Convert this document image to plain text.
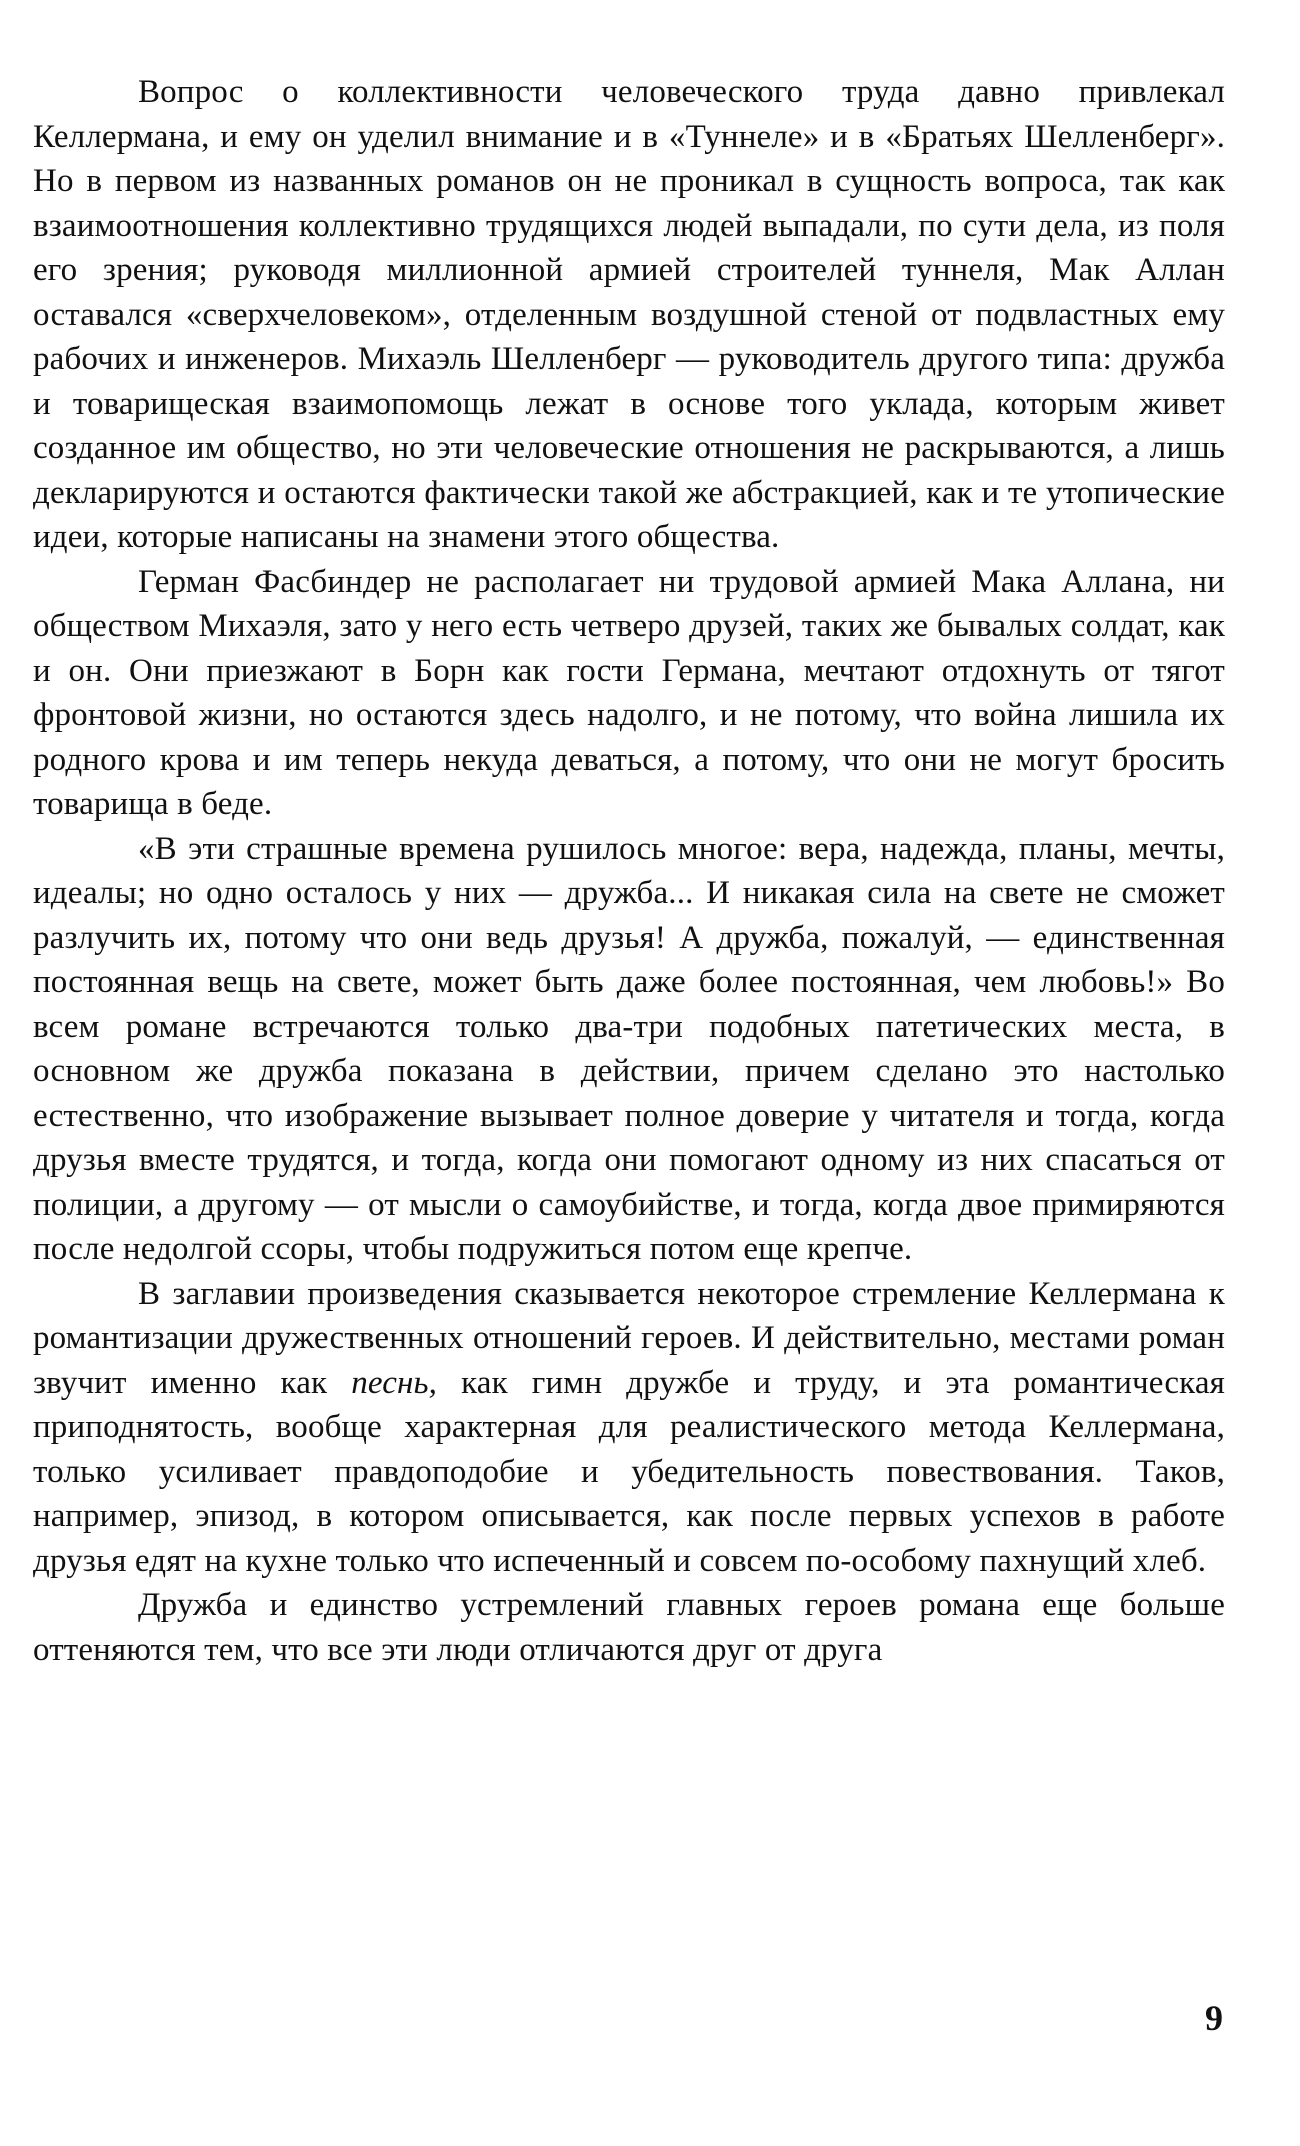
Вопрос о коллективности человеческого труда давно привлекал Келлермана, и ему он уделил внимание и в «Туннеле» и в «Братьях Шелленберг». Но в первом из названных романов он не проникал в сущность вопроса, так как взаимоотношения коллективно трудящихся людей выпадали, по сути дела, из поля его зрения; руководя миллионной армией строителей туннеля, Мак Аллан оставался «сверхчеловеком», отделенным воздушной стеной от подвластных ему рабочих и инженеров. Михаэль Шелленберг — руководитель другого типа: дружба и товарищеская взаимопомощь лежат в основе того уклада, которым живет созданное им общество, но эти человеческие отношения не раскрываются, а лишь декларируются и остаются фактически такой же абстракцией, как и те утопические идеи, которые написаны на знамени этого общества.

Герман Фасбиндер не располагает ни трудовой армией Мака Аллана, ни обществом Михаэля, зато у него есть четверо друзей, таких же бывалых солдат, как и он. Они приезжают в Борн как гости Германа, мечтают отдохнуть от тягот фронтовой жизни, но остаются здесь надолго, и не потому, что война лишила их родного крова и им теперь некуда деваться, а потому, что они не могут бросить товарища в беде.

«В эти страшные времена рушилось многое: вера, надежда, планы, мечты, идеалы; но одно осталось у них — дружба... И никакая сила на свете не сможет разлучить их, потому что они ведь друзья! А дружба, пожалуй, — единственная постоянная вещь на свете, может быть даже более постоянная, чем любовь!» Во всем романе встречаются только два-три подобных патетических места, в основном же дружба показана в действии, причем сделано это настолько естественно, что изображение вызывает полное доверие у читателя и тогда, когда друзья вместе трудятся, и тогда, когда они помогают одному из них спасаться от полиции, а другому — от мысли о самоубийстве, и тогда, когда двое примиряются после недолгой ссоры, чтобы подружиться потом еще крепче.

В заглавии произведения сказывается некоторое стремление Келлермана к романтизации дружественных отношений героев. И действительно, местами роман звучит именно как песнь, как гимн дружбе и труду, и эта романтическая приподнятость, вообще характерная для реалистического метода Келлермана, только усиливает правдоподобие и убедительность повествования. Таков, например, эпизод, в котором описывается, как после первых успехов в работе друзья едят на кухне только что испеченный и совсем по-особому пахнущий хлеб.

Дружба и единство устремлений главных героев романа еще больше оттеняются тем, что все эти люди отличаются друг от друга

9
